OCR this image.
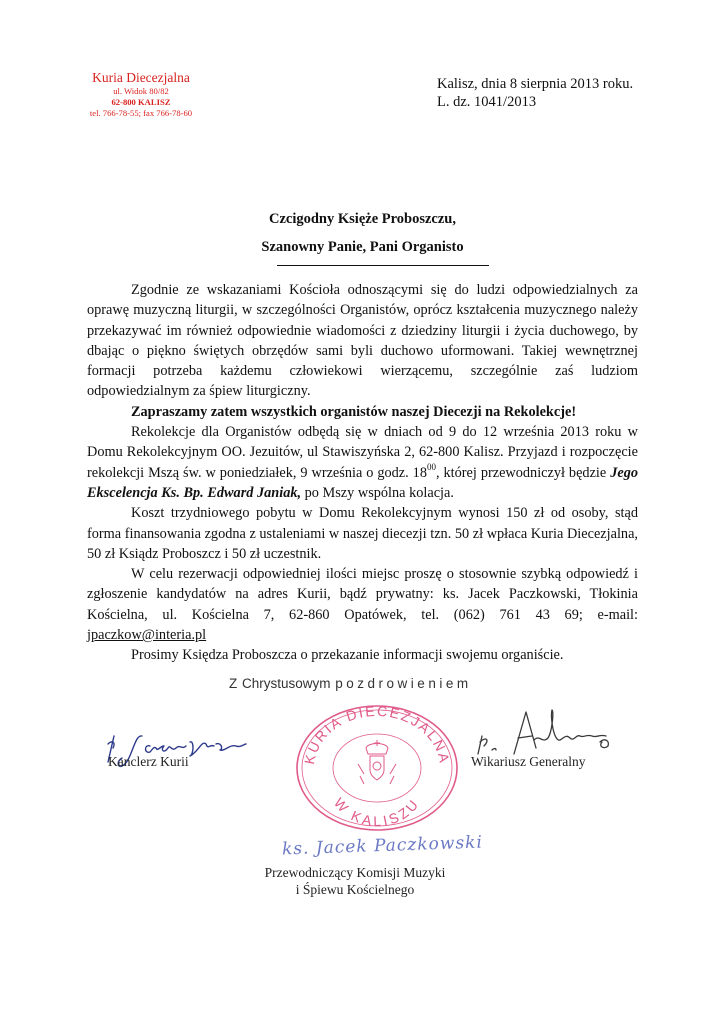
Kuria Diecezjalna
ul. Widok 80/82
62-800 KALISZ
tel. 766-78-55; fax 766-78-60
Kalisz, dnia 8 sierpnia 2013 roku.
L. dz. 1041/2013
Czcigodny Księże Proboszczu,
Szanowny Panie, Pani Organisto

Zgodnie ze wskazaniami Kościoła odnoszącymi się do ludzi odpowiedzialnych za oprawę muzyczną liturgii, w szczególności Organistów, oprócz kształcenia muzycznego należy przekazywać im również odpowiednie wiadomości z dziedziny liturgii i życia duchowego, by dbając o piękno świętych obrzędów sami byli duchowo uformowani. Takiej wewnętrznej formacji potrzeba każdemu człowiekowi wierzącemu, szczególnie zaś ludziom odpowiedzialnym za śpiew liturgiczny.

Zapraszamy zatem wszystkich organistów naszej Diecezji na Rekolekcje!

Rekolekcje dla Organistów odbędą się w dniach od 9 do 12 września 2013 roku w Domu Rekolekcyjnym OO. Jezuitów, ul Stawiszyńska 2, 62-800 Kalisz. Przyjazd i rozpoczęcie rekolekcji Mszą św. w poniedziałek, 9 września o godz. $18^{00}$, której przewodniczył będzie Jego Ekscelencja Ks. Bp. Edward Janiak, po Mszy wspólna kolacja.

Koszt trzydniowego pobytu w Domu Rekolekcyjnym wynosi 150 zł od osoby, stąd forma finansowania zgodna z ustaleniami w naszej diecezji tzn. 50 zł wpłaca Kuria Diecezjalna, 50 zł Ksiądz Proboszcz i 50 zł uczestnik.

W celu rezerwacji odpowiedniej ilości miejsc proszę o stosownie szybką odpowiedź i zgłoszenie kandydatów na adres Kurii, bądź prywatny: ks. Jacek Paczkowski, Tłokinia Kościelna, ul. Kościelna 7, 62-860 Opatówek, tel. (062) 761 43 69; e-mail: jpaczkow@interia.pl

Prosimy Księdza Proboszcza o przekazanie informacji swojemu organiście.

Z Chrystusowym pozdrowieniem
Kanclerz Kurii	KURIA DIECEZJALNA
W KALISZU
Wikariusz Generalny
ks. Jacek Paczkowski
Przewodniczący Komisji Muzyki
i Śpiewu Kościelnego
